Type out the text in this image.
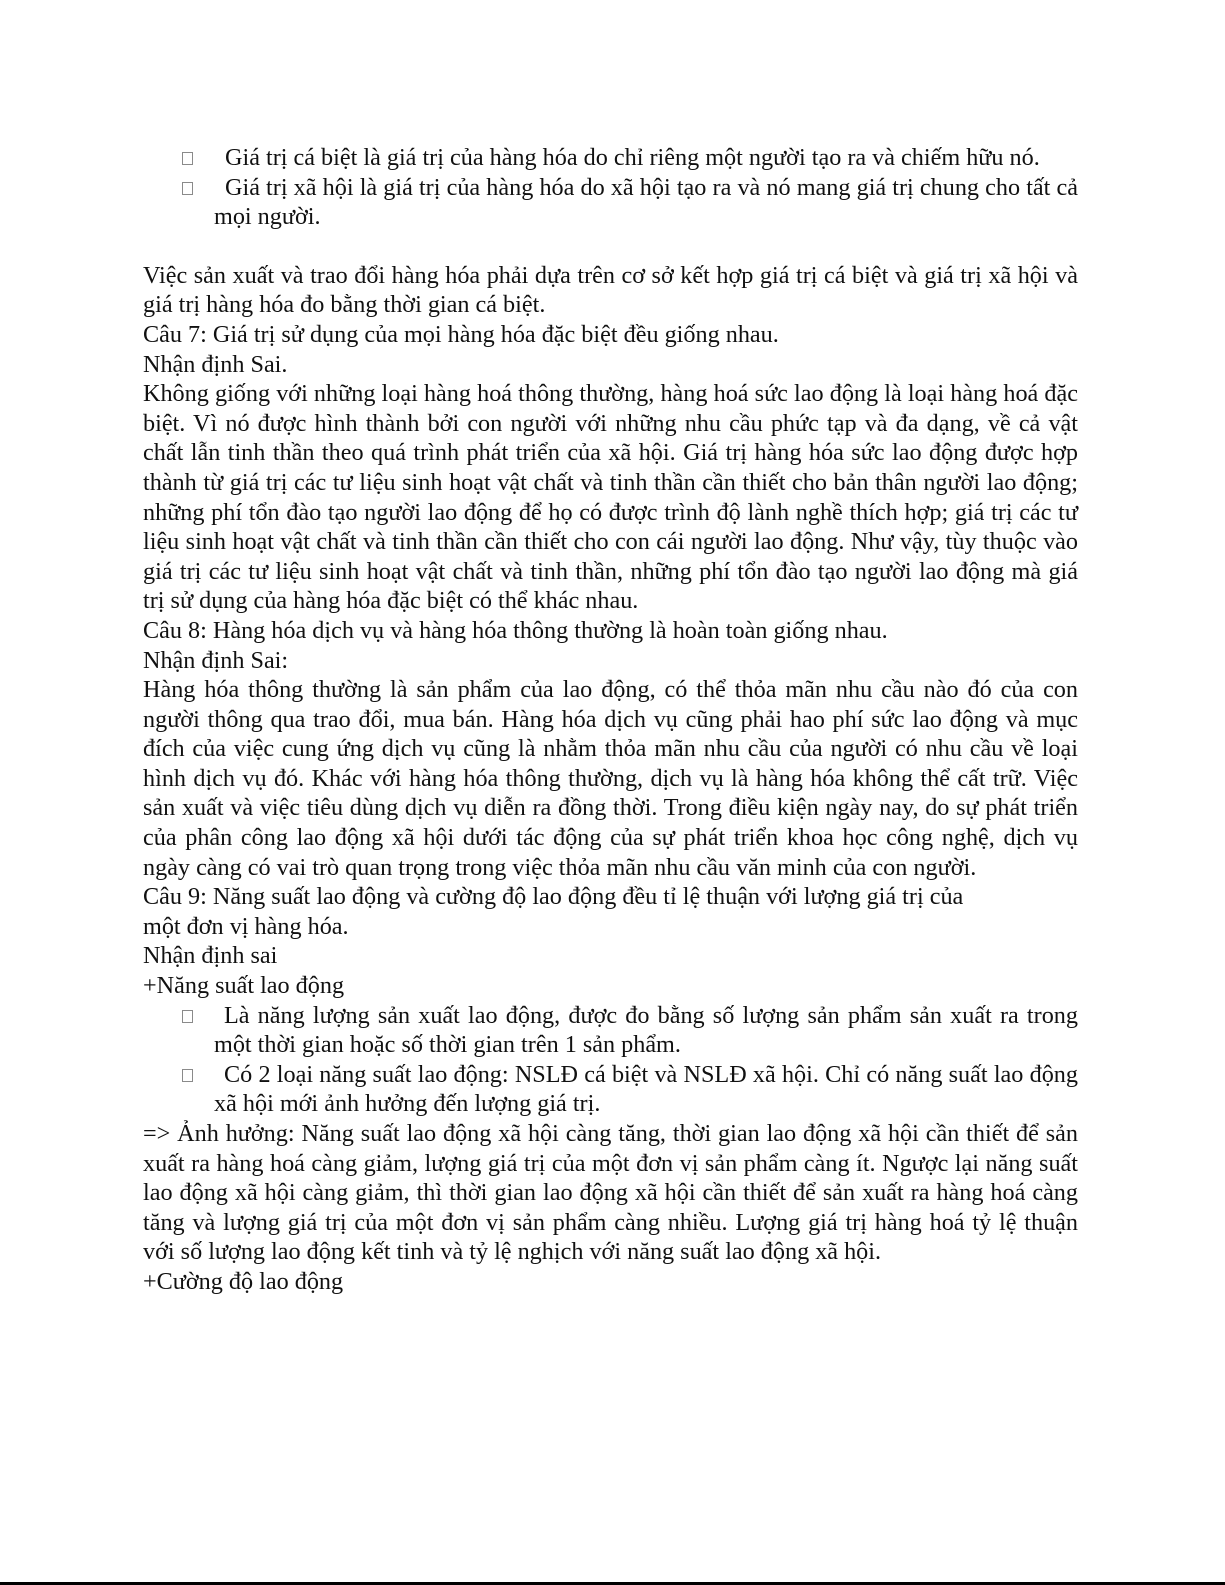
Giá trị cá biệt là giá trị của hàng hóa do chỉ riêng một người tạo ra và chiếm hữu nó.
Giá trị xã hội là giá trị của hàng hóa do xã hội tạo ra và nó mang giá trị chung cho tất cả mọi người.

Việc sản xuất và trao đổi hàng hóa phải dựa trên cơ sở kết hợp giá trị cá biệt và giá trị xã hội và giá trị hàng hóa đo bằng thời gian cá biệt.

Câu 7: Giá trị sử dụng của mọi hàng hóa đặc biệt đều giống nhau.

Nhận định Sai.

Không giống với những loại hàng hoá thông thường, hàng hoá sức lao động là loại hàng hoá đặc biệt. Vì nó được hình thành bởi con người với những nhu cầu phức tạp và đa dạng, về cả vật chất lẫn tinh thần theo quá trình phát triển của xã hội. Giá trị hàng hóa sức lao động được hợp thành từ giá trị các tư liệu sinh hoạt vật chất và tinh thần cần thiết cho bản thân người lao động; những phí tổn đào tạo người lao động để họ có được trình độ lành nghề thích hợp; giá trị các tư liệu sinh hoạt vật chất và tinh thần cần thiết cho con cái người lao động. Như vậy, tùy thuộc vào giá trị các tư liệu sinh hoạt vật chất và tinh thần, những phí tổn đào tạo người lao động mà giá trị sử dụng của hàng hóa đặc biệt có thể khác nhau.

Câu 8: Hàng hóa dịch vụ và hàng hóa thông thường là hoàn toàn giống nhau.

Nhận định Sai:

Hàng hóa thông thường là sản phẩm của lao động, có thể thỏa mãn nhu cầu nào đó của con người thông qua trao đổi, mua bán. Hàng hóa dịch vụ cũng phải hao phí sức lao động và mục đích của việc cung ứng dịch vụ cũng là nhằm thỏa mãn nhu cầu của người có nhu cầu về loại hình dịch vụ đó. Khác với hàng hóa thông thường, dịch vụ là hàng hóa không thể cất trữ. Việc sản xuất và việc tiêu dùng dịch vụ diễn ra đồng thời. Trong điều kiện ngày nay, do sự phát triển của phân công lao động xã hội dưới tác động của sự phát triển khoa học công nghệ, dịch vụ ngày càng có vai trò quan trọng trong việc thỏa mãn nhu cầu văn minh của con người.

Câu 9: Năng suất lao động và cường độ lao động đều tỉ lệ thuận với lượng giá trị của

một đơn vị hàng hóa.

Nhận định sai

+Năng suất lao động

Là năng lượng sản xuất lao động, được đo bằng số lượng sản phẩm sản xuất ra trong một thời gian hoặc số thời gian trên 1 sản phẩm.
Có 2 loại năng suất lao động: NSLĐ cá biệt và NSLĐ xã hội. Chỉ có năng suất lao động xã hội mới ảnh hưởng đến lượng giá trị.

=> Ảnh hưởng: Năng suất lao động xã hội càng tăng, thời gian lao động xã hội cần thiết để sản xuất ra hàng hoá càng giảm, lượng giá trị của một đơn vị sản phẩm càng ít. Ngược lại năng suất lao động xã hội càng giảm, thì thời gian lao động xã hội cần thiết để sản xuất ra hàng hoá càng tăng và lượng giá trị của một đơn vị sản phẩm càng nhiều. Lượng giá trị hàng hoá tỷ lệ thuận với số lượng lao động kết tinh và tỷ lệ nghịch với năng suất lao động xã hội.

+Cường độ lao động
